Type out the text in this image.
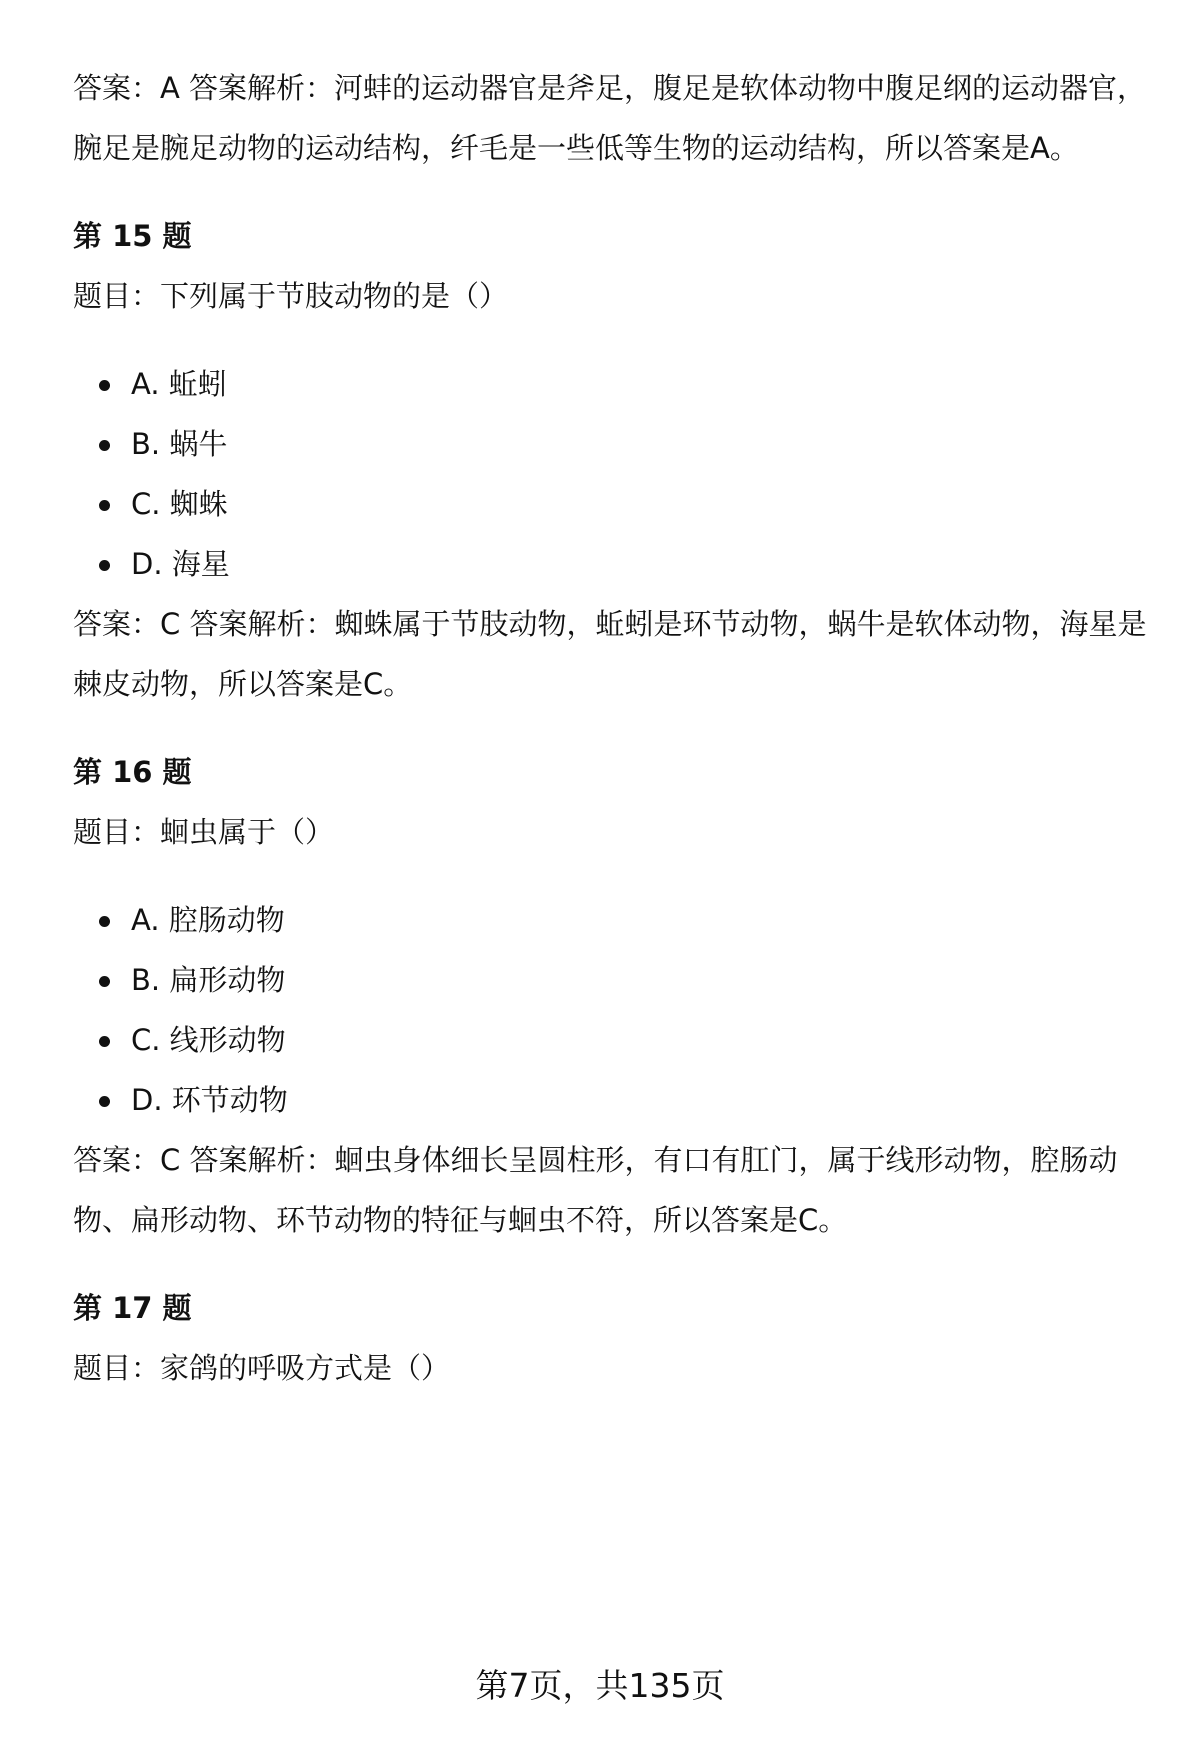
答案：A 答案解析：河蚌的运动器官是斧足，腹足是软体动物中腹足纲的运动器官，腕足是腕足动物的运动结构，纤毛是一些低等生物的运动结构，所以答案是A。

第 15 题

题目：下列属于节肢动物的是（）

A. 蚯蚓
B. 蜗牛
C. 蜘蛛
D. 海星

答案：C 答案解析：蜘蛛属于节肢动物，蚯蚓是环节动物，蜗牛是软体动物，海星是棘皮动物，所以答案是C。

第 16 题

题目：蛔虫属于（）

A. 腔肠动物
B. 扁形动物
C. 线形动物
D. 环节动物

答案：C 答案解析：蛔虫身体细长呈圆柱形，有口有肛门，属于线形动物，腔肠动物、扁形动物、环节动物的特征与蛔虫不符，所以答案是C。

第 17 题

题目：家鸽的呼吸方式是（）

第7页，共135页
